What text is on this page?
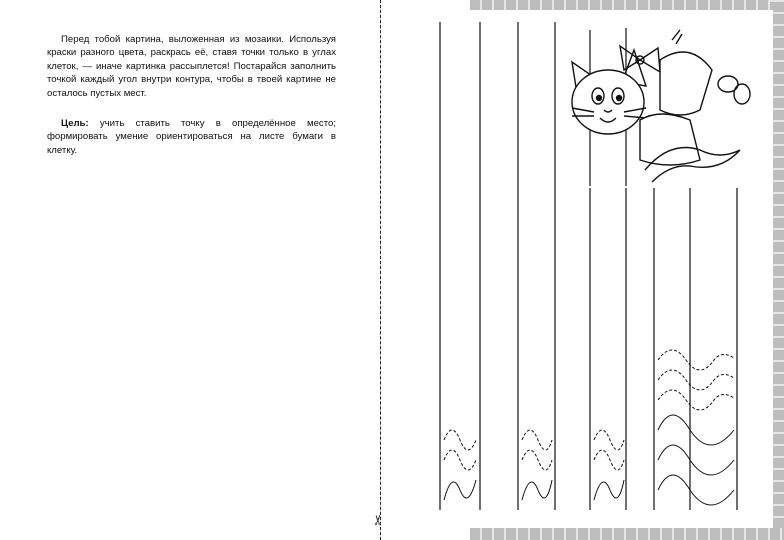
Перед тобой картина, выложенная из мозаики. Используя краски разного цвета, раскрась её, ставя точки только в углах клеток, — иначе картинка рассыплется! Постарайся заполнить точкой каждый угол внутри контура, чтобы в твоей картине не осталось пустых мест.

Цель: учить ставить точку в определённое место; формировать умение ориентироваться на листе бумаги в клетку.

✂
